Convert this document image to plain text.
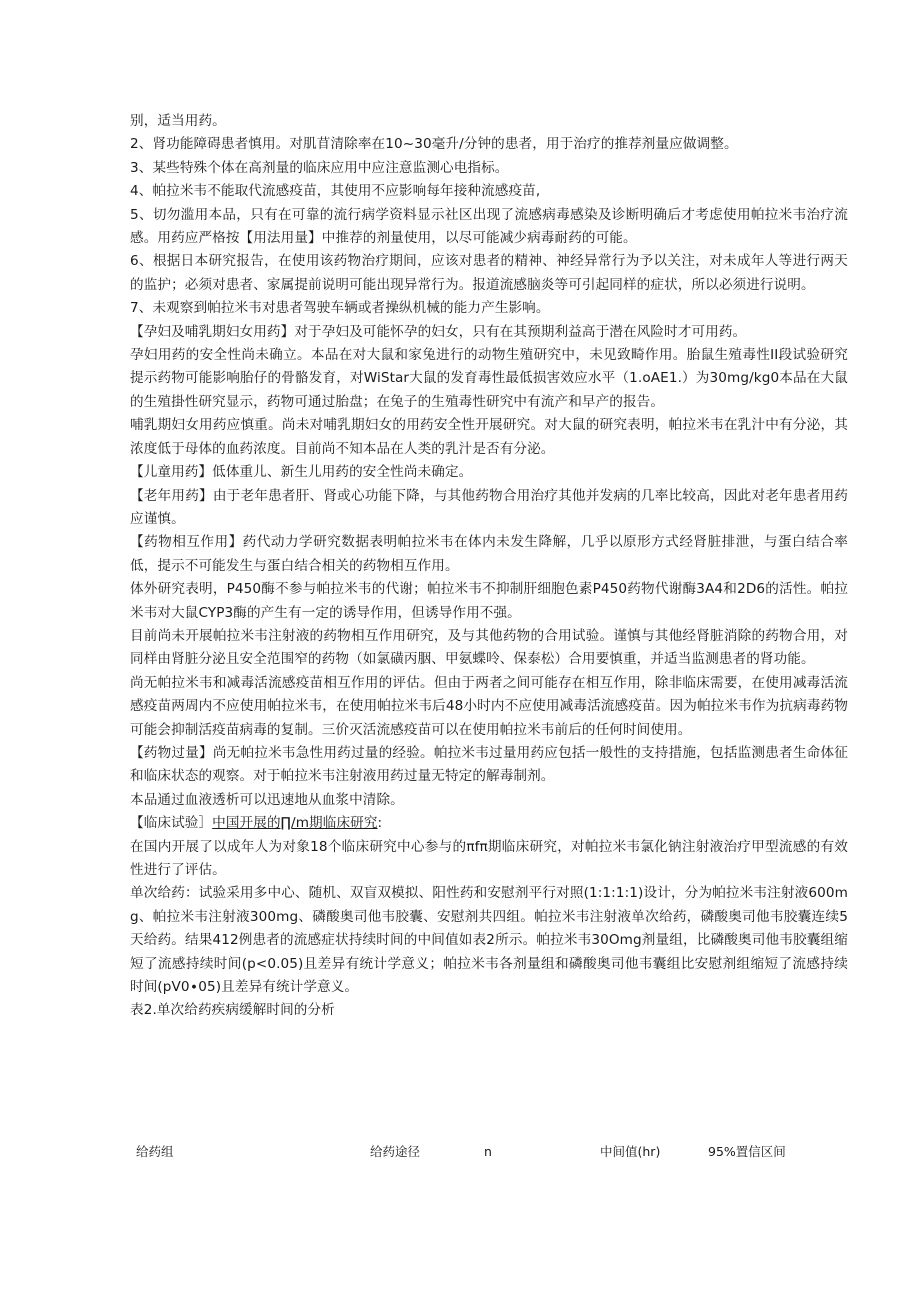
别，适当用药。

2、肾功能障碍患者慎用。对肌苜清除率在10~30毫升/分钟的患者，用于治疗的推荐剂量应做调整。

3、某些特殊个体在高剂量的临床应用中应注意监测心电指标。

4、帕拉米韦不能取代流感疫苗，其使用不应影响每年接种流感疫苗,

5、切勿滥用本品，只有在可靠的流行病学资料显示社区出现了流感病毒感染及诊断明确后才考虑使用帕拉米韦治疗流感。用药应严格按【用法用量】中推荐的剂量使用，以尽可能减少病毒耐药的可能。

6、根据日本研究报告，在使用该药物治疗期间，应该对患者的精神、神经异常行为予以关注，对未成年人等进行两天的监护；必须对患者、家属提前说明可能出现异常行为。报道流感脑炎等可引起同样的症状，所以必须进行说明。

7、未观察到帕拉米韦对患者驾驶车辆或者操纵机械的能力产生影响。

【孕妇及哺乳期妇女用药】对于孕妇及可能怀孕的妇女，只有在其预期利益高于潜在风险时才可用药。

孕妇用药的安全性尚未确立。本品在对大鼠和家兔进行的动物生殖研究中，未见致畸作用。胎鼠生殖毒性II段试验研究提示药物可能影响胎仔的骨骼发育，对WiStar大鼠的发育毒性最低损害效应水平（1.oAE1.）为30mg∕kg0本品在大鼠的生殖掛性研究显示，药物可通过胎盘；在兔子的生殖毒性研究中有流产和早产的报告。

哺乳期妇女用药应慎重。尚未对哺乳期妇女的用药安全性开展研究。对大鼠的研究表明，帕拉米韦在乳汁中有分泌，其浓度低于母体的血药浓度。目前尚不知本品在人类的乳汁是否有分泌。

【儿童用药】低体重儿、新生儿用药的安全性尚未确定。

【老年用药】由于老年患者肝、肾或心功能下降，与其他药物合用治疗其他并发病的几率比较高，因此对老年患者用药应谨慎。

【药物相互作用】药代动力学研究数据表明帕拉米韦在体内未发生降解，几乎以原形方式经肾脏排泄，与蛋白结合率低，提示不可能发生与蛋白结合相关的药物相互作用。

体外研究表明，P450酶不参与帕拉米韦的代谢；帕拉米韦不抑制肝细胞色素P450药物代谢酶3A4和2D6的活性。帕拉米韦对大鼠CYP3酶的产生有一定的诱导作用，但诱导作用不强。

目前尚未开展帕拉米韦注射液的药物相互作用研究，及与其他药物的合用试验。谨慎与其他经肾脏消除的药物合用，对同样由肾脏分泌且安全范围窄的药物（如氯磺丙胭、甲氨蝶呤、保泰松）合用要慎重，并适当监测患者的肾功能。

尚无帕拉米韦和减毒活流感疫苗相互作用的评估。但由于两者之间可能存在相互作用，除非临床需要，在使用减毒活流感疫苗两周内不应使用帕拉米韦，在使用帕拉米韦后48小时内不应使用减毒活流感疫苗。因为帕拉米韦作为抗病毒药物可能会抑制活疫苗病毒的复制。三价灭活流感疫苗可以在使用帕拉米韦前后的任何时间使用。

【药物过量】尚无帕拉米韦急性用药过量的经验。帕拉米韦过量用药应包括一般性的支持措施，包括监测患者生命体征和临床状态的观察。对于帕拉米韦注射液用药过量无特定的解毒制剂。

本品通过血液透析可以迅速地从血浆中清除。

【临床试验］中国开展的∏∕m期临床研究:

在国内开展了以成年人为对象18个临床研究中心参与的πfπ期临床研究，对帕拉米韦氯化钠注射液治疗甲型流感的有效性进行了评估。

单次给药：试验采用多中心、随机、双盲双模拟、阳性药和安慰剂平行对照(1:1:1:1)设计，分为帕拉米韦注射液600mg、帕拉米韦注射液300mg、磷酸奥司他韦胶囊、安慰剂共四组。帕拉米韦注射液单次给药，磷酸奥司他韦胶囊连续5天给药。结果412例患者的流感症状持续时间的中间值如表2所示。帕拉米韦30Omg剂量组，比磷酸奥司他韦胶囊组缩短了流感持续时间(p<0.05)且差异有统计学意义；帕拉米韦各剂量组和磷酸奥司他韦囊组比安慰剂组缩短了流感持续时间(pV0∙05)且差异有统计学意义。

表2.单次给药疾病缓解时间的分析

给药组	给药途径	n	中间值(hr)	95%置信区间
